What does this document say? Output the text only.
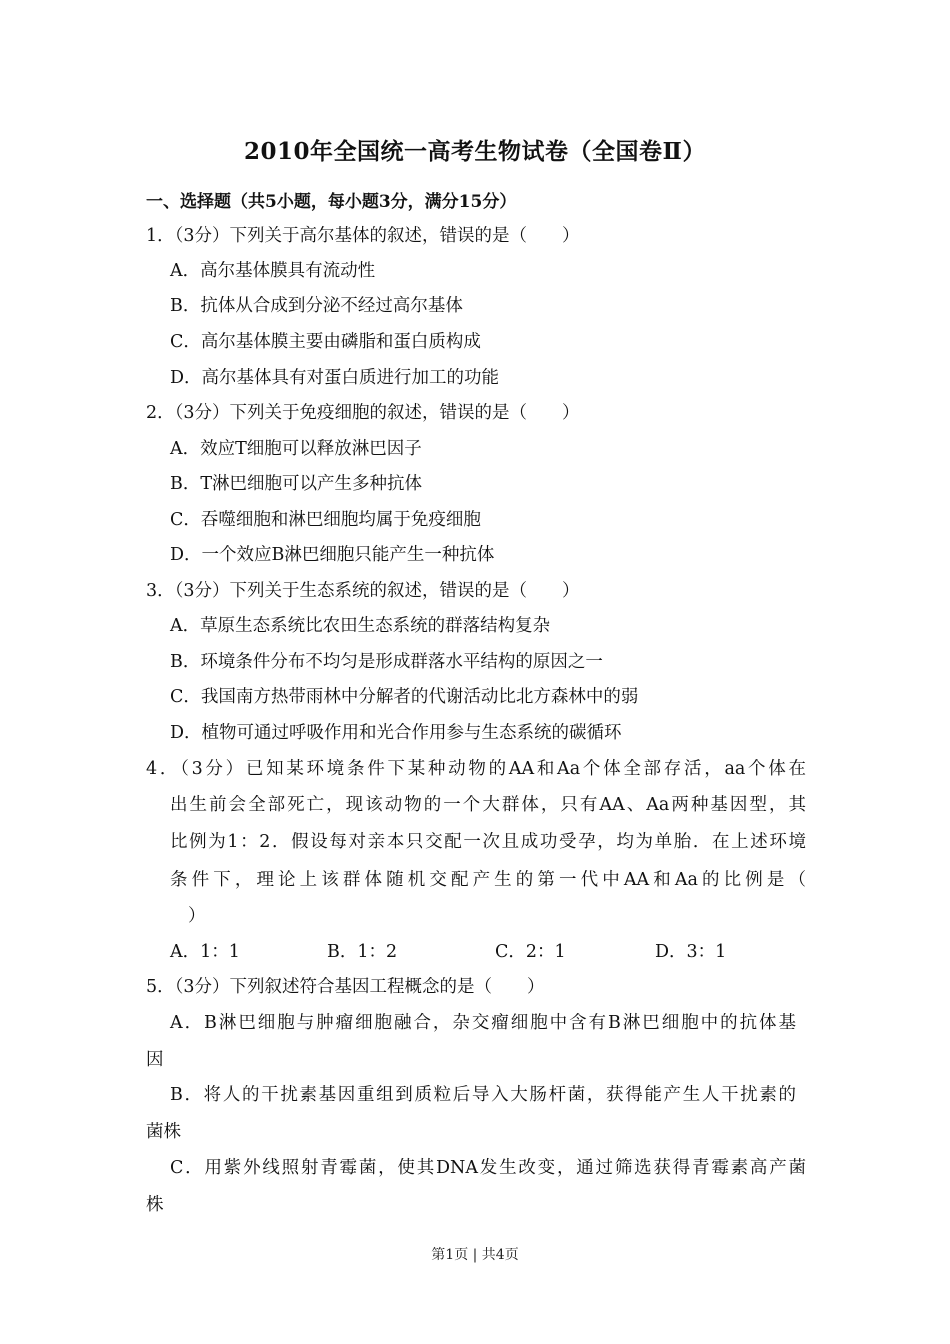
2010年全国统一高考生物试卷（全国卷Ⅱ）
一、选择题（共5小题，每小题3分，满分15分）
1．（3分）下列关于高尔基体的叙述，错误的是（　　）
A．高尔基体膜具有流动性
B．抗体从合成到分泌不经过高尔基体
C．高尔基体膜主要由磷脂和蛋白质构成
D．高尔基体具有对蛋白质进行加工的功能
2．（3分）下列关于免疫细胞的叙述，错误的是（　　）
A．效应T细胞可以释放淋巴因子
B．T淋巴细胞可以产生多种抗体
C．吞噬细胞和淋巴细胞均属于免疫细胞
D．一个效应B淋巴细胞只能产生一种抗体
3．（3分）下列关于生态系统的叙述，错误的是（　　）
A．草原生态系统比农田生态系统的群落结构复杂
B．环境条件分布不均匀是形成群落水平结构的原因之一
C．我国南方热带雨林中分解者的代谢活动比北方森林中的弱
D．植物可通过呼吸作用和光合作用参与生态系统的碳循环
4．（3分）已知某环境条件下某种动物的AA和Aa个体全部存活，aa个体在
出生前会全部死亡，现该动物的一个大群体，只有AA、Aa两种基因型，其
比例为1：2．假设每对亲本只交配一次且成功受孕，均为单胎．在上述环境
条件下，理论上该群体随机交配产生的第一代中AA和Aa的比例是（
）
A．1：1	B．1：2	C．2：1	D．3：1
5．（3分）下列叙述符合基因工程概念的是（　　）
A．B淋巴细胞与肿瘤细胞融合，杂交瘤细胞中含有B淋巴细胞中的抗体基
因
B．将人的干扰素基因重组到质粒后导入大肠杆菌，获得能产生人干扰素的
菌株
C．用紫外线照射青霉菌，使其DNA发生改变，通过筛选获得青霉素高产菌
株
第1页 | 共4页
